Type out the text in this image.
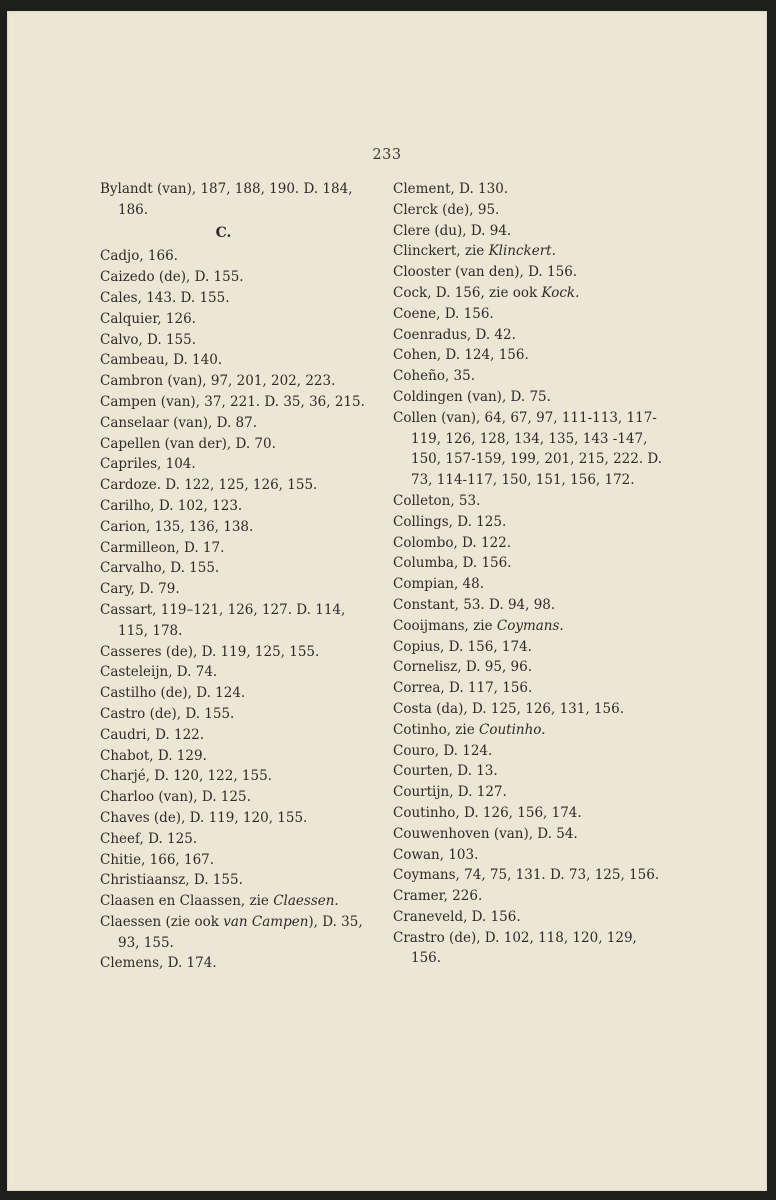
233

Bylandt (van), 187, 188, 190. D. 184, 186.

C.

Cadjo, 166.

Caizedo (de), D. 155.

Cales, 143. D. 155.

Calquier, 126.

Calvo, D. 155.

Cambeau, D. 140.

Cambron (van), 97, 201, 202, 223.

Campen (van), 37, 221. D. 35, 36, 215.

Canselaar (van), D. 87.

Capellen (van der), D. 70.

Capriles, 104.

Cardoze. D. 122, 125, 126, 155.

Carilho, D. 102, 123.

Carion, 135, 136, 138.

Carmilleon, D. 17.

Carvalho, D. 155.

Cary, D. 79.

Cassart, 119–121, 126, 127. D. 114, 115, 178.

Casseres (de), D. 119, 125, 155.

Casteleijn, D. 74.

Castilho (de), D. 124.

Castro (de), D. 155.

Caudri, D. 122.

Chabot, D. 129.

Charjé, D. 120, 122, 155.

Charloo (van), D. 125.

Chaves (de), D. 119, 120, 155.

Cheef, D. 125.

Chitie, 166, 167.

Christiaansz, D. 155.

Claasen en Claassen, zie Claessen.

Claessen (zie ook van Campen), D. 35, 93, 155.

Clemens, D. 174.

Clement, D. 130.

Clerck (de), 95.

Clere (du), D. 94.

Clinckert, zie Klinckert.

Clooster (van den), D. 156.

Cock, D. 156, zie ook Kock.

Coene, D. 156.

Coenradus, D. 42.

Cohen, D. 124, 156.

Coheño, 35.

Coldingen (van), D. 75.

Collen (van), 64, 67, 97, 111-113, 117-119, 126, 128, 134, 135, 143 -147, 150, 157-159, 199, 201, 215, 222. D. 73, 114-117, 150, 151, 156, 172.

Colleton, 53.

Collings, D. 125.

Colombo, D. 122.

Columba, D. 156.

Compian, 48.

Constant, 53. D. 94, 98.

Cooijmans, zie Coymans.

Copius, D. 156, 174.

Cornelisz, D. 95, 96.

Correa, D. 117, 156.

Costa (da), D. 125, 126, 131, 156.

Cotinho, zie Coutinho.

Couro, D. 124.

Courten, D. 13.

Courtijn, D. 127.

Coutinho, D. 126, 156, 174.

Couwenhoven (van), D. 54.

Cowan, 103.

Coymans, 74, 75, 131. D. 73, 125, 156.

Cramer, 226.

Craneveld, D. 156.

Crastro (de), D. 102, 118, 120, 129, 156.
